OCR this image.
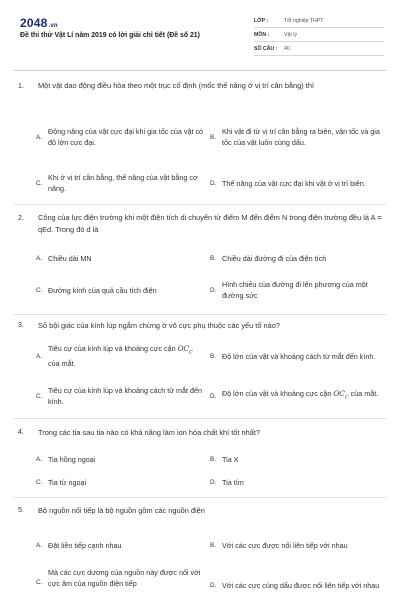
2048.vn
Đề thi thử Vật Lí năm 2019 có lời giải chi tiết (Đề số 21)
LỚP :	Tốt nghiệp THPT
MÔN :	Vật lý
SỐ CÂU :	40
1. Một vật dao động điều hòa theo một trục cố định (mốc thế năng ở vị trí cân bằng) thì
A.
Động năng của vật cực đại khi gia tốc của vật có độ lớn cực đại.
B.
Khi vật đi từ vị trí cân bằng ra biên, vận tốc và gia tốc của vật luôn cùng dấu.
C.
Khi ở vị trí cân bằng, thế năng của vật bằng cơ năng.
D. Thế năng của vật cực đại khi vật ở vị trí biên.
2. Công của lực điện trường khi một điện tích di chuyển từ điểm M đến điểm N trong điện trường đều là A = qEd. Trong đó d là
A. Chiều dài MN	B. Chiều dài đường đi của điện tích
C. Đường kính của quả cầu tích điện	D.
Hình chiếu của đường đi lên phương của một đường sức
3. Số bội giác của kính lúp ngắm chừng ở vô cực phụ thuộc các yếu tố nào?
A.
Tiêu cự của kính lúp và khoảng cực cận $OC_C$ của mắt.
B. Độ lớn của vật và khoảng cách từ mắt đến kính.
C.
Tiêu cự của kính lúp và khoảng cách từ mắt đến kính.
D. Độ lớn của vật và khoảng cực cận $OC_C$ của mắt.
4. Trong các tia sau tia nào có khả năng làm ion hóa chất khí tốt nhất?
A. Tia hồng ngoại	B. Tia X
C. Tia tử ngoại	D. Tia tím
5. Bộ nguồn nối tiếp là bộ nguồn gồm các nguồn điện
A. Đặt liền tiếp cạnh nhau	B. Với các cực được nối liên tiếp với nhau
C.
Mà các cực dương của nguồn này được nối với cực âm của nguồn điện tiếp	D. Với các cực cùng dấu được nối liên tiếp với nhau
